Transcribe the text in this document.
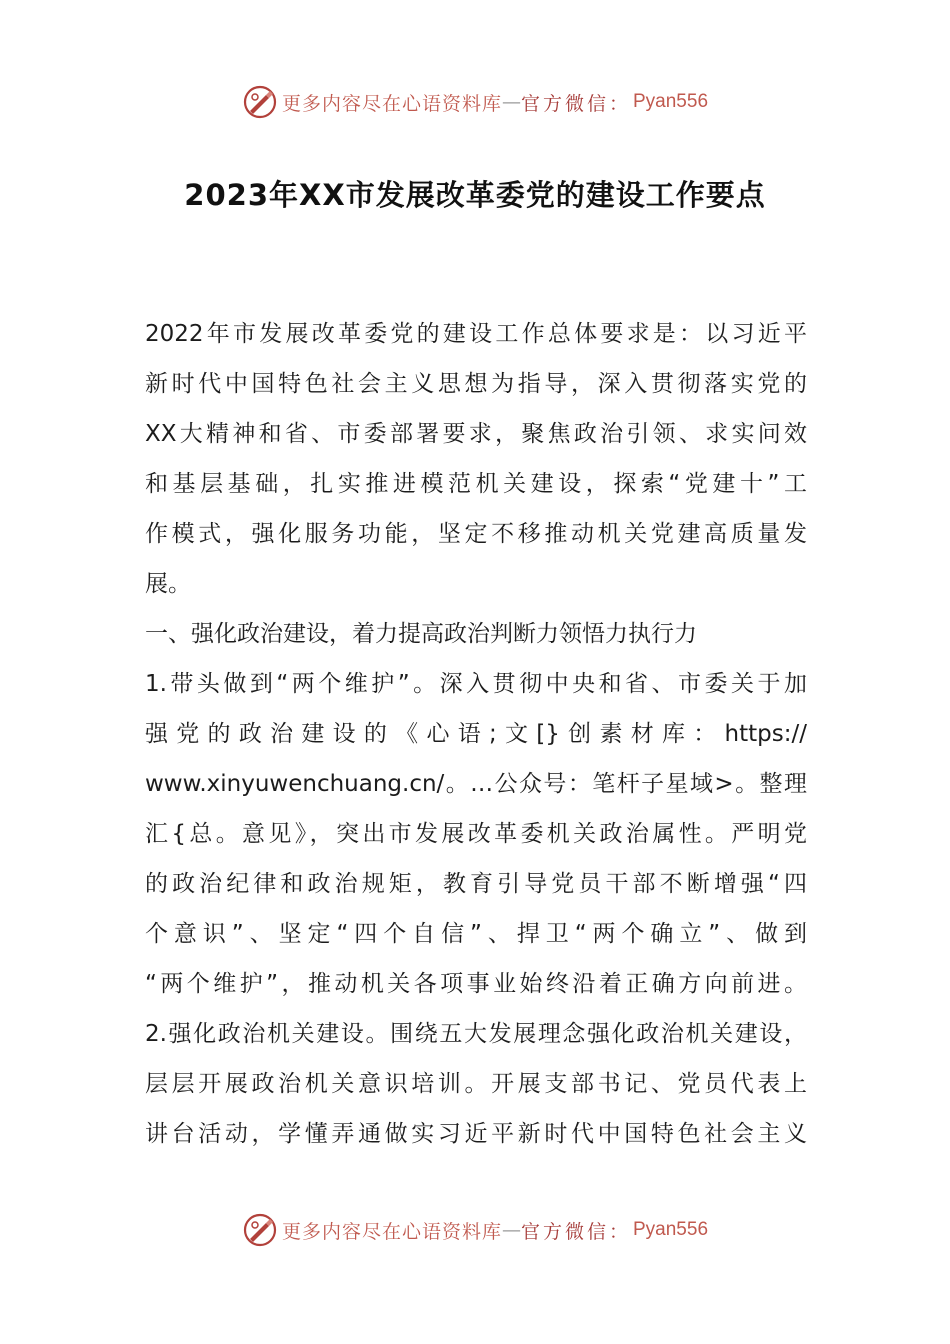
更多内容尽在心语资料库 — 官方微信： Pyan556
2023年XX市发展改革委党的建设工作要点
2022年市发展改革委党的建设工作总体要求是：以习近平
新时代中国特色社会主义思想为指导，深入贯彻落实党的
XX大精神和省、市委部署要求，聚焦政治引领、求实问效
和基层基础，扎实推进模范机关建设，探索“党建十”工
作模式，强化服务功能，坚定不移推动机关党建高质量发
展。
一、强化政治建设，着力提高政治判断力领悟力执行力
1.带头做到“两个维护”。深入贯彻中央和省、市委关于加
强党的政治建设的《心语;文[}创素材库：https://
www.xinyuwenchuang.cn/。…公众号：笔杆子星域>。整理
汇{总。意见》，突出市发展改革委机关政治属性。严明党
的政治纪律和政治规矩，教育引导党员干部不断增强“四
个意识”、坚定“四个自信”、捍卫“两个确立”、做到
“两个维护”，推动机关各项事业始终沿着正确方向前进。
2.强化政治机关建设。围绕五大发展理念强化政治机关建设，
层层开展政治机关意识培训。开展支部书记、党员代表上
讲台活动，学懂弄通做实习近平新时代中国特色社会主义
更多内容尽在心语资料库 — 官方微信： Pyan556
